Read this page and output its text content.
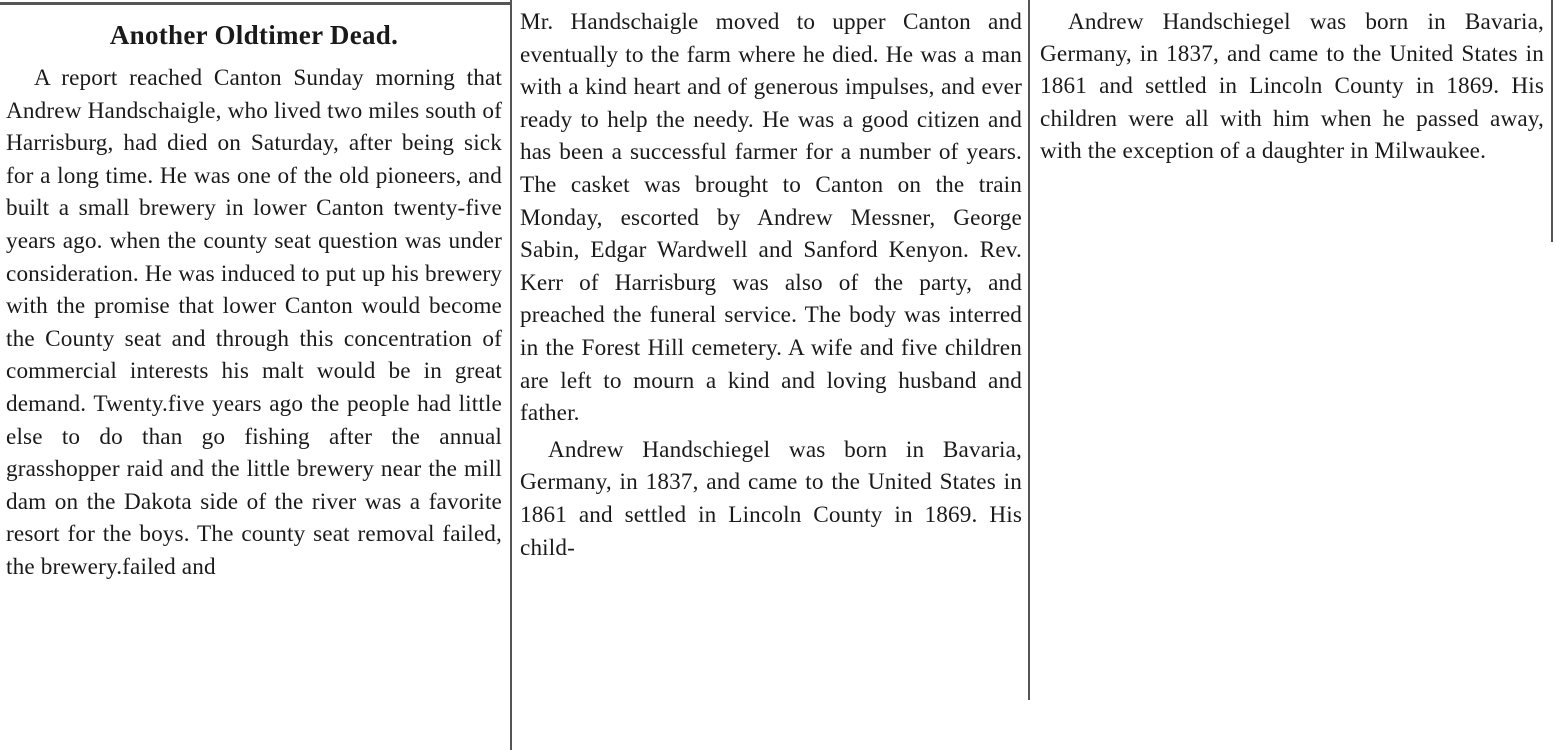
Another Oldtimer Dead.

A report reached Canton Sunday morning that Andrew Handschaigle, who lived two miles south of Harrisburg, had died on Saturday, after being sick for a long time. He was one of the old pioneers, and built a small brewery in lower Canton twenty-five years ago. when the county seat question was under consideration. He was induced to put up his brewery with the promise that lower Canton would become the County seat and through this concentration of commercial interests his malt would be in great demand. Twenty.five years ago the people had little else to do than go fishing after the annual grasshopper raid and the little brewery near the mill dam on the Dakota side of the river was a favorite resort for the boys. The county seat removal failed, the brewery.failed and

Mr. Handschaigle moved to upper Canton and eventually to the farm where he died. He was a man with a kind heart and of generous impulses, and ever ready to help the needy. He was a good citizen and has been a successful farmer for a number of years. The casket was brought to Canton on the train Monday, escorted by Andrew Messner, George Sabin, Edgar Wardwell and Sanford Kenyon. Rev. Kerr of Harrisburg was also of the party, and preached the funeral service. The body was interred in the Forest Hill cemetery. A wife and five children are left to mourn a kind and loving husband and father.

Andrew Handschiegel was born in Bavaria, Germany, in 1837, and came to the United States in 1861 and settled in Lincoln County in 1869. His child-

Andrew Handschiegel was born in Bavaria, Germany, in 1837, and came to the United States in 1861 and settled in Lincoln County in 1869. His children were all with him when he passed away, with the exception of a daughter in Milwaukee.
